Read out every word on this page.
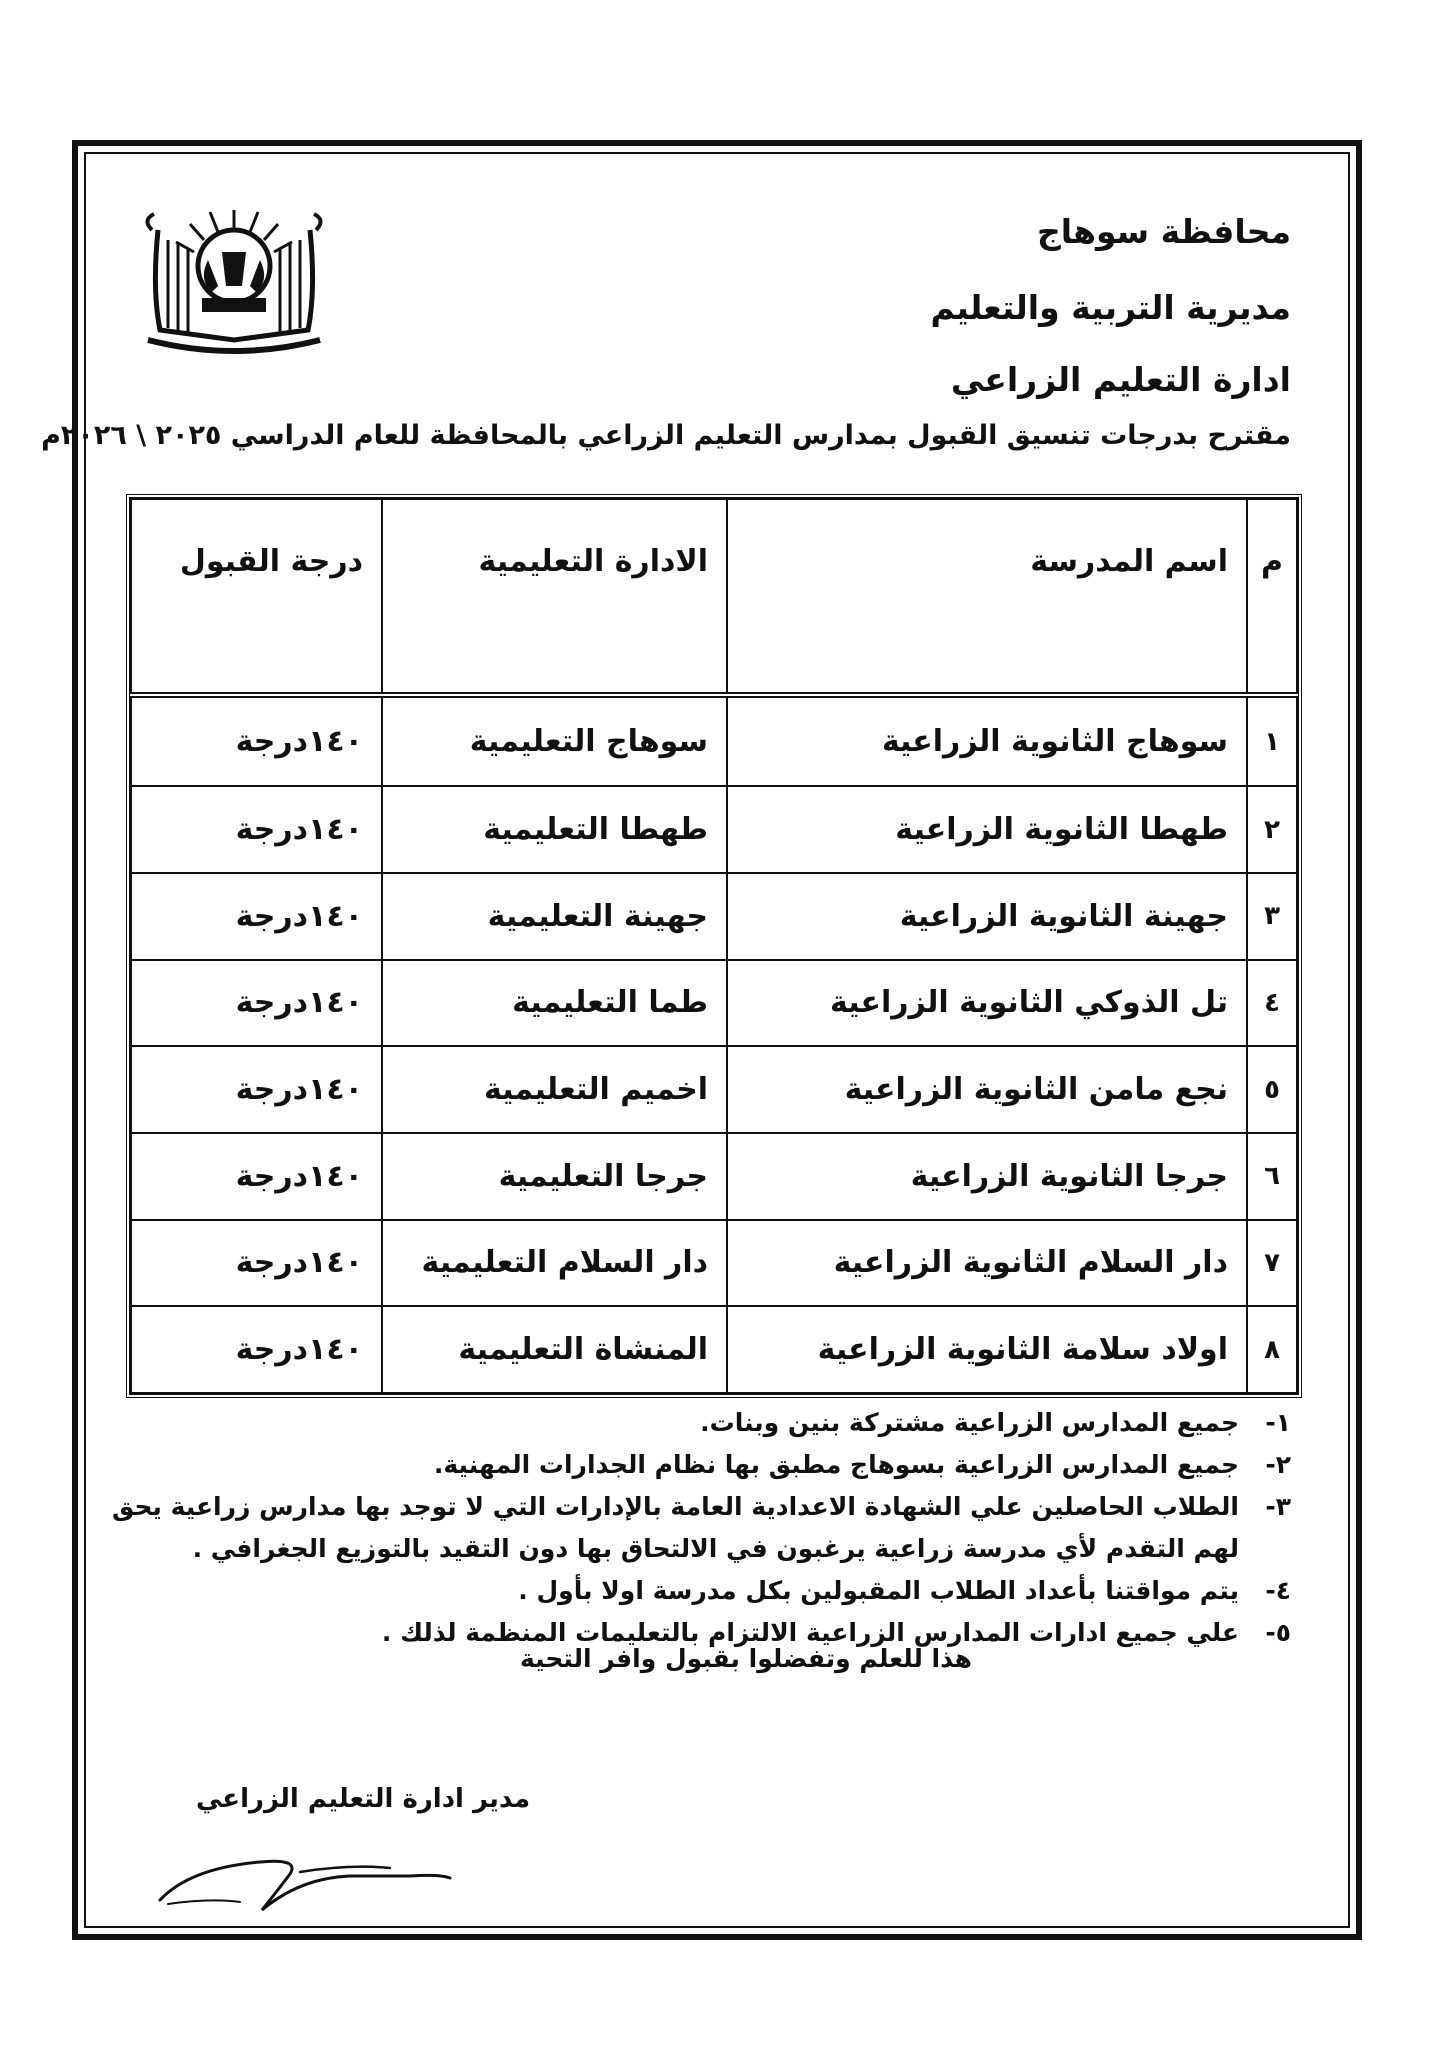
محافظة سوهاج
مديرية التربية والتعليم
ادارة التعليم الزراعي
مقترح بدرجات تنسيق القبول بمدارس التعليم الزراعي بالمحافظة للعام الدراسي ٢٠٢٥ \ ٢٠٢٦م
م	اسم المدرسة	الادارة التعليمية	درجة القبول
١	سوهاج الثانوية الزراعية	سوهاج التعليمية	١٤٠درجة
٢	طهطا الثانوية الزراعية	طهطا التعليمية	١٤٠درجة
٣	جهينة الثانوية الزراعية	جهينة التعليمية	١٤٠درجة
٤	تل الذوكي الثانوية الزراعية	طما التعليمية	١٤٠درجة
٥	نجع مامن الثانوية الزراعية	اخميم التعليمية	١٤٠درجة
٦	جرجا الثانوية الزراعية	جرجا التعليمية	١٤٠درجة
٧	دار السلام الثانوية الزراعية	دار السلام التعليمية	١٤٠درجة
٨	اولاد سلامة الثانوية الزراعية	المنشاة التعليمية	١٤٠درجة
١-
جميع المدارس الزراعية مشتركة بنين وبنات.
٢-
جميع المدارس الزراعية بسوهاج مطبق بها نظام الجدارات المهنية.
٣-
الطلاب الحاصلين علي الشهادة الاعدادية العامة بالإدارات التي لا توجد بها مدارس زراعية يحق
لهم التقدم لأي مدرسة زراعية يرغبون في الالتحاق بها دون التقيد بالتوزيع الجغرافي .
٤-
يتم مواقتنا بأعداد الطلاب المقبولين بكل مدرسة اولا بأول .
٥-
علي جميع ادارات المدارس الزراعية الالتزام بالتعليمات المنظمة لذلك .
هذا للعلم وتفضلوا بقبول وافر التحية
مدير ادارة التعليم الزراعي
